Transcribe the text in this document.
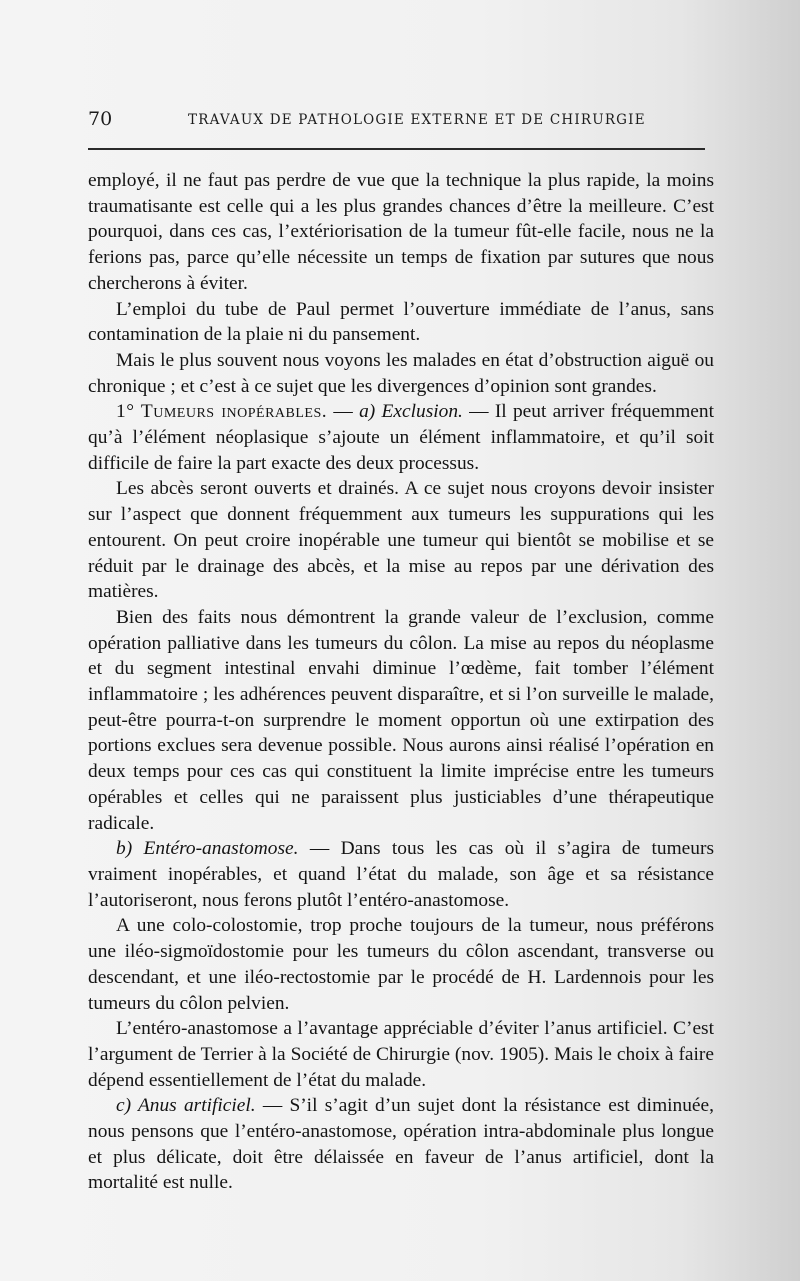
70	TRAVAUX DE PATHOLOGIE EXTERNE ET DE CHIRURGIE

employé, il ne faut pas perdre de vue que la technique la plus rapide, la moins traumatisante est celle qui a les plus grandes chances d’être la meilleure. C’est pourquoi, dans ces cas, l’extériorisation de la tumeur fût-elle facile, nous ne la ferions pas, parce qu’elle nécessite un temps de fixation par sutures que nous chercherons à éviter.

L’emploi du tube de Paul permet l’ouverture immédiate de l’anus, sans contamination de la plaie ni du pansement.

Mais le plus souvent nous voyons les malades en état d’obstruction aiguë ou chronique ; et c’est à ce sujet que les divergences d’opinion sont grandes.

1° Tumeurs inopérables. — a) Exclusion. — Il peut arriver fréquemment qu’à l’élément néoplasique s’ajoute un élément inflammatoire, et qu’il soit difficile de faire la part exacte des deux processus.

Les abcès seront ouverts et drainés. A ce sujet nous croyons devoir insister sur l’aspect que donnent fréquemment aux tumeurs les suppurations qui les entourent. On peut croire inopérable une tumeur qui bientôt se mobilise et se réduit par le drainage des abcès, et la mise au repos par une dérivation des matières.

Bien des faits nous démontrent la grande valeur de l’exclusion, comme opération palliative dans les tumeurs du côlon. La mise au repos du néoplasme et du segment intestinal envahi diminue l’œdème, fait tomber l’élément inflammatoire ; les adhérences peuvent disparaître, et si l’on surveille le malade, peut-être pourra-t-on surprendre le moment opportun où une extirpation des portions exclues sera devenue possible. Nous aurons ainsi réalisé l’opération en deux temps pour ces cas qui constituent la limite imprécise entre les tumeurs opérables et celles qui ne paraissent plus justiciables d’une thérapeutique radicale.

b) Entéro-anastomose. — Dans tous les cas où il s’agira de tumeurs vraiment inopérables, et quand l’état du malade, son âge et sa résistance l’autoriseront, nous ferons plutôt l’entéro-anastomose.

A une colo-colostomie, trop proche toujours de la tumeur, nous préférons une iléo-sigmoïdostomie pour les tumeurs du côlon ascendant, transverse ou descendant, et une iléo-rectostomie par le procédé de H. Lardennois pour les tumeurs du côlon pelvien.

L’entéro-anastomose a l’avantage appréciable d’éviter l’anus artificiel. C’est l’argument de Terrier à la Société de Chirurgie (nov. 1905). Mais le choix à faire dépend essentiellement de l’état du malade.

c) Anus artificiel. — S’il s’agit d’un sujet dont la résistance est diminuée, nous pensons que l’entéro-anastomose, opération intra-abdominale plus longue et plus délicate, doit être délaissée en faveur de l’anus artificiel, dont la mortalité est nulle.
